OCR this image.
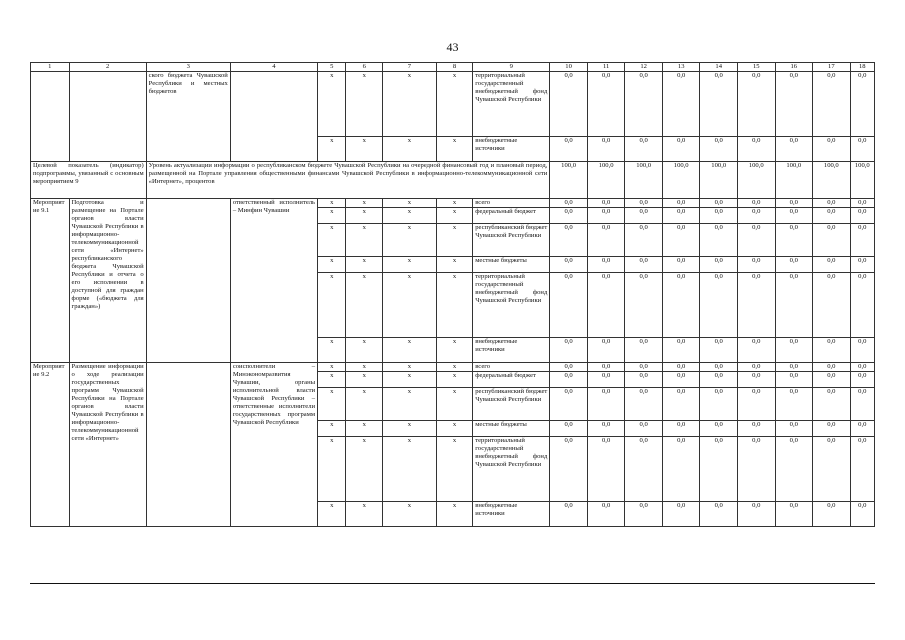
43
1	2	3	4	5	6	7	8	9	10	11	12	13	14	15	16	17	18
		ского бюджета Чувашской Республики и местных бюджетов		x	x	x	x	территориальный государственный внебюджетный фонд Чувашской Республики	0,0	0,0	0,0	0,0	0,0	0,0	0,0	0,0	0,0
				x	x	x	x	внебюджетные источники	0,0	0,0	0,0	0,0	0,0	0,0	0,0	0,0	0,0
Целевой показатель (индикатор) подпрограммы, увязанный с основным мероприятием 9		Уровень актуализации информации о республиканском бюджете Чувашской Республики на очередной финансовый год и плановый период, размещенной на Портале управления общественными финансами Чувашской Республики в информационно-телекоммуникационной сети «Интернет», процентов							100,0	100,0	100,0	100,0	100,0	100,0	100,0	100,0	100,0
Мероприятие 9.1	Подготовка и размещение на Портале органов власти Чувашской Республики в информационно-телекоммуникационной сети «Интернет» республиканского бюджета Чувашской Республики и отчета о его исполнении в доступной для граждан форме («бюджета для граждан»)		ответственный исполнитель – Минфин Чувашии	x	x	x	x	всего	0,0	0,0	0,0	0,0	0,0	0,0	0,0	0,0	0,0
				x	x	x	x	федеральный бюджет	0,0	0,0	0,0	0,0	0,0	0,0	0,0	0,0	0,0
				x	x	x	x	республиканский бюджет Чувашской Республики	0,0	0,0	0,0	0,0	0,0	0,0	0,0	0,0	0,0
				x	x	x	x	местные бюджеты	0,0	0,0	0,0	0,0	0,0	0,0	0,0	0,0	0,0
				x	x	x	x	территориальный государственный внебюджетный фонд Чувашской Республики	0,0	0,0	0,0	0,0	0,0	0,0	0,0	0,0	0,0
				x	x	x	x	внебюджетные источники	0,0	0,0	0,0	0,0	0,0	0,0	0,0	0,0	0,0
Мероприятие 9.2	Размещение информации о ходе реализации государственных программ Чувашской Республики на Портале органов власти Чувашской Республики в информационно-телекоммуникационной сети «Интернет»		соисполнители – Минэкономразвития Чувашии, органы исполнительной власти Чувашской Республики – ответственные исполнители государственных программ Чувашской Республики	x	x	x	x	всего	0,0	0,0	0,0	0,0	0,0	0,0	0,0	0,0	0,0
				x	x	x	x	федеральный бюджет	0,0	0,0	0,0	0,0	0,0	0,0	0,0	0,0	0,0
				x	x	x	x	республиканский бюджет Чувашской Республики	0,0	0,0	0,0	0,0	0,0	0,0	0,0	0,0	0,0
				x	x	x	x	местные бюджеты	0,0	0,0	0,0	0,0	0,0	0,0	0,0	0,0	0,0
				x	x	x	x	территориальный государственный внебюджетный фонд Чувашской Республики	0,0	0,0	0,0	0,0	0,0	0,0	0,0	0,0	0,0
				x	x	x	x	внебюджетные источники	0,0	0,0	0,0	0,0	0,0	0,0	0,0	0,0	0,0
